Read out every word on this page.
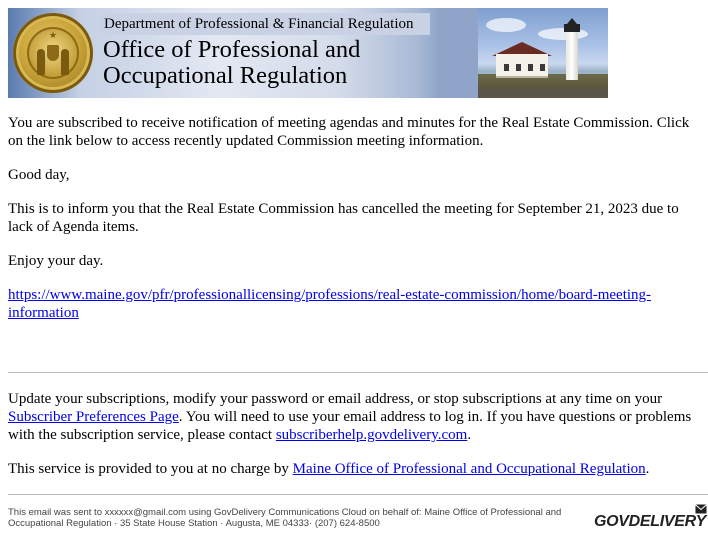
★
Department of Professional & Financial Regulation
Office of Professional and
Occupational Regulation

You are subscribed to receive notification of meeting agendas and minutes for the Real Estate Commission. Click on the link below to access recently updated Commission meeting information.

Good day,

This is to inform you that the Real Estate Commission has cancelled the meeting for September 21, 2023 due to lack of Agenda items.

Enjoy your day.

https://www.maine.gov/pfr/professionallicensing/professions/real-estate-commission/home/board-meeting-information

Update your subscriptions, modify your password or email address, or stop subscriptions at any time on your Subscriber Preferences Page. You will need to use your email address to log in. If you have questions or problems with the subscription service, please contact subscriberhelp.govdelivery.com.

This service is provided to you at no charge by Maine Office of Professional and Occupational Regulation.

This email was sent to xxxxxx@gmail.com using GovDelivery Communications Cloud on behalf of: Maine Office of Professional and
Occupational Regulation · 35 State House Station · Augusta, ME 04333· (207) 624-8500	GOVDELIVERY
